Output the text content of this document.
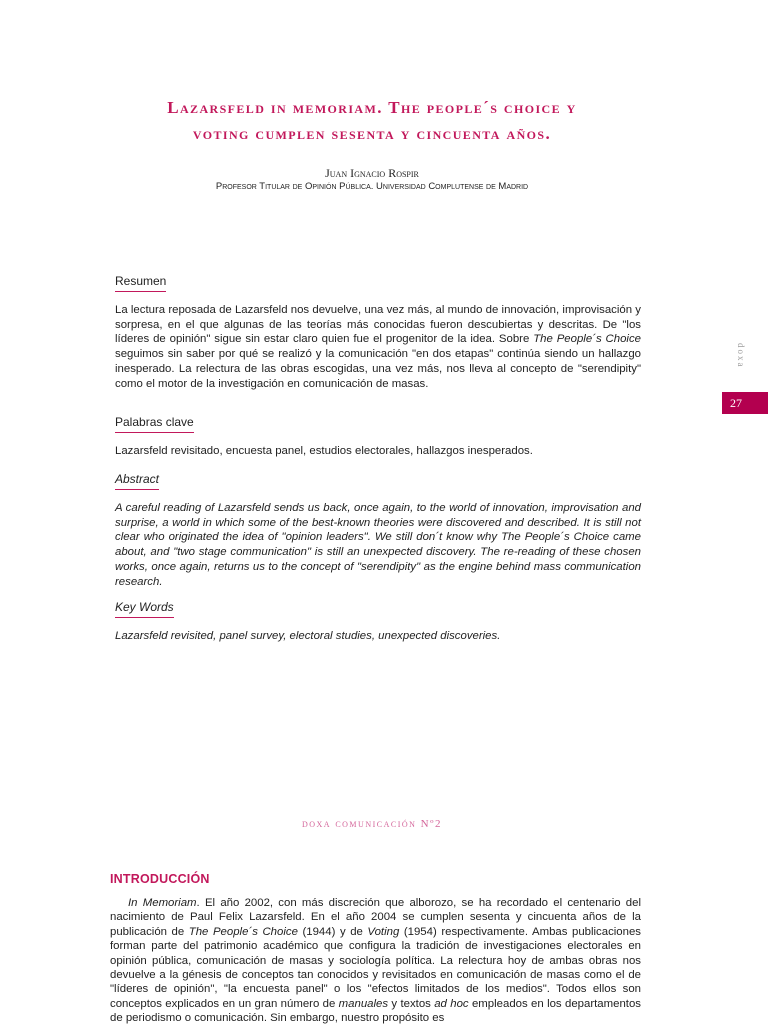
Lazarsfeld in memoriam. The people´s choice y
voting cumplen sesenta y cincuenta años.
Juan Ignacio Rospir
Profesor Titular de Opinión Pública. Universidad Complutense de Madrid
doxa
27
Resumen

La lectura reposada de Lazarsfeld nos devuelve, una vez más, al mundo de innovación, improvisación y sorpresa, en el que algunas de las teorías más conocidas fueron descubiertas y descritas. De "los líderes de opinión" sigue sin estar claro quien fue el progenitor de la idea. Sobre The People´s Choice seguimos sin saber por qué se realizó y la comunicación "en dos etapas" continúa siendo un hallazgo inesperado. La relectura de las obras escogidas, una vez más, nos lleva al concepto de "serendipity" como el motor de la investigación en comunicación de masas.

Palabras clave

Lazarsfeld revisitado, encuesta panel, estudios electorales, hallazgos inesperados.

Abstract

A careful reading of Lazarsfeld sends us back, once again, to the world of innovation, improvisation and surprise, a world in which some of the best-known theories were discovered and described. It is still not clear who originated the idea of "opinion leaders". We still don´t know why The People´s Choice came about, and "two stage communication" is still an unexpected discovery. The re-reading of these chosen works, once again, returns us to the concept of "serendipity" as the engine behind mass communication research.

Key Words

Lazarsfeld revisited, panel survey, electoral studies, unexpected discoveries.

doxa comunicación Nº2
INTRODUCCIÓN

In Memoriam. El año 2002, con más discreción que alborozo, se ha recordado el centenario del nacimiento de Paul Felix Lazarsfeld. En el año 2004 se cumplen sesenta y cincuenta años de la publicación de The People´s Choice (1944) y de Voting (1954) respectivamente. Ambas publicaciones forman parte del patrimonio académico que configura la tradición de investigaciones electorales en opinión pública, comunicación de masas y sociología política. La relectura hoy de ambas obras nos devuelve a la génesis de conceptos tan conocidos y revisitados en comunicación de masas como el de "líderes de opinión", "la encuesta panel" o los "efectos limitados de los medios". Todos ellos son conceptos explicados en un gran número de manuales y textos ad hoc empleados en los departamentos de periodismo o comunicación. Sin embargo, nuestro propósito es
